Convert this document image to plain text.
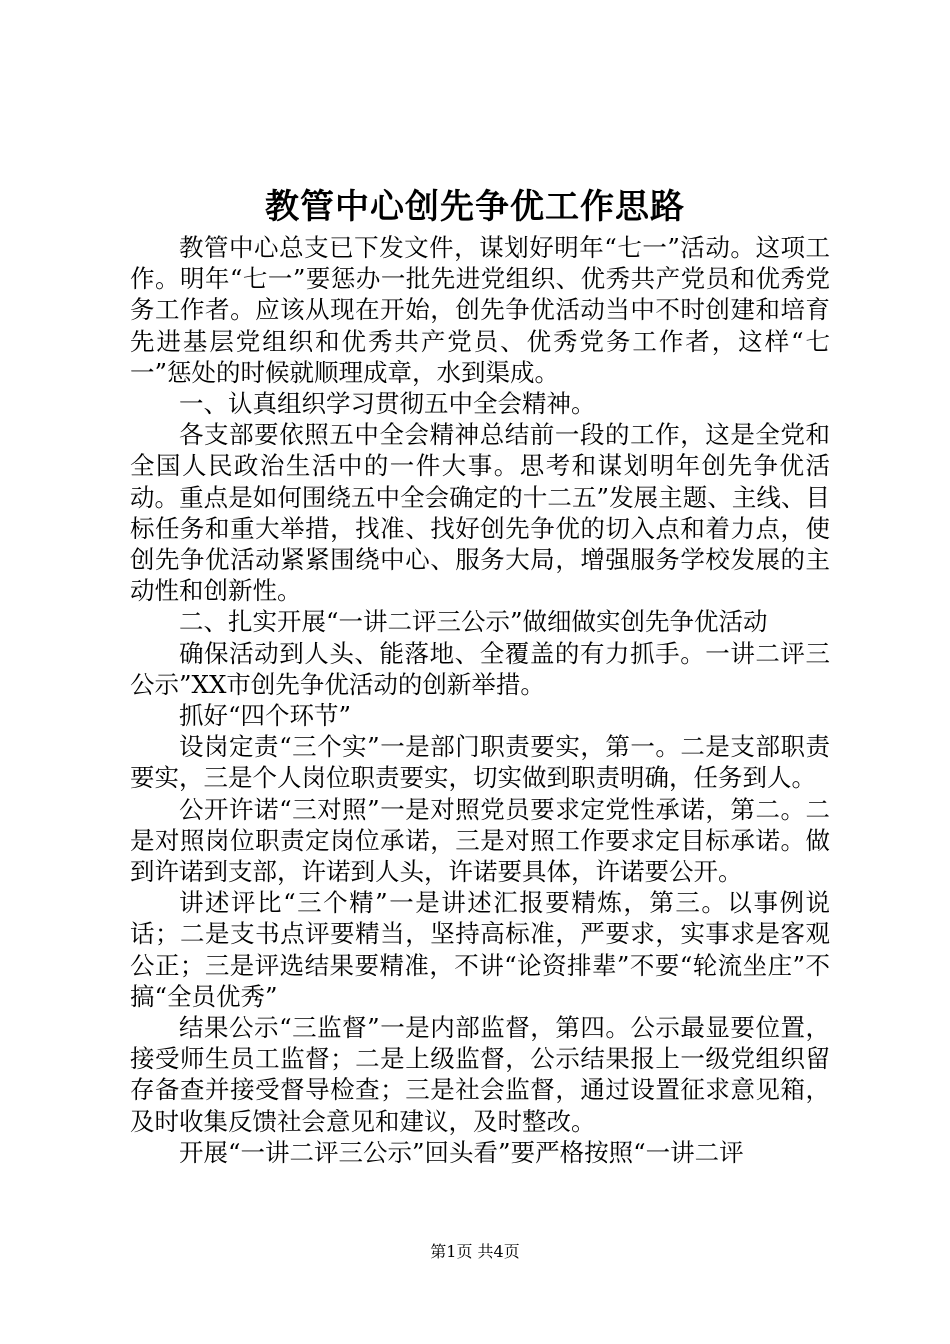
教管中心创先争优工作思路

教管中心总支已下发文件，谋划好明年“七一”活动。这项工作。明年“七一”要惩办一批先进党组织、优秀共产党员和优秀党务工作者。应该从现在开始，创先争优活动当中不时创建和培育先进基层党组织和优秀共产党员、优秀党务工作者，这样“七一”惩处的时候就顺理成章，水到渠成。

一、认真组织学习贯彻五中全会精神。

各支部要依照五中全会精神总结前一段的工作，这是全党和全国人民政治生活中的一件大事。思考和谋划明年创先争优活动。重点是如何围绕五中全会确定的十二五”发展主题、主线、目标任务和重大举措，找准、找好创先争优的切入点和着力点，使创先争优活动紧紧围绕中心、服务大局，增强服务学校发展的主动性和创新性。

二、扎实开展“一讲二评三公示”做细做实创先争优活动

确保活动到人头、能落地、全覆盖的有力抓手。一讲二评三公示”XX市创先争优活动的创新举措。

抓好“四个环节”

设岗定责“三个实”一是部门职责要实，第一。二是支部职责要实，三是个人岗位职责要实，切实做到职责明确，任务到人。

公开许诺“三对照”一是对照党员要求定党性承诺，第二。二是对照岗位职责定岗位承诺，三是对照工作要求定目标承诺。做到许诺到支部，许诺到人头，许诺要具体，许诺要公开。

讲述评比“三个精”一是讲述汇报要精炼，第三。以事例说话；二是支书点评要精当，坚持高标准，严要求，实事求是客观公正；三是评选结果要精准，不讲“论资排辈”不要“轮流坐庄”不搞“全员优秀”

结果公示“三监督”一是内部监督，第四。公示最显要位置，接受师生员工监督；二是上级监督，公示结果报上一级党组织留存备查并接受督导检查；三是社会监督，通过设置征求意见箱，及时收集反馈社会意见和建议，及时整改。

开展“一讲二评三公示”回头看”要严格按照“一讲二评

第1页 共4页
